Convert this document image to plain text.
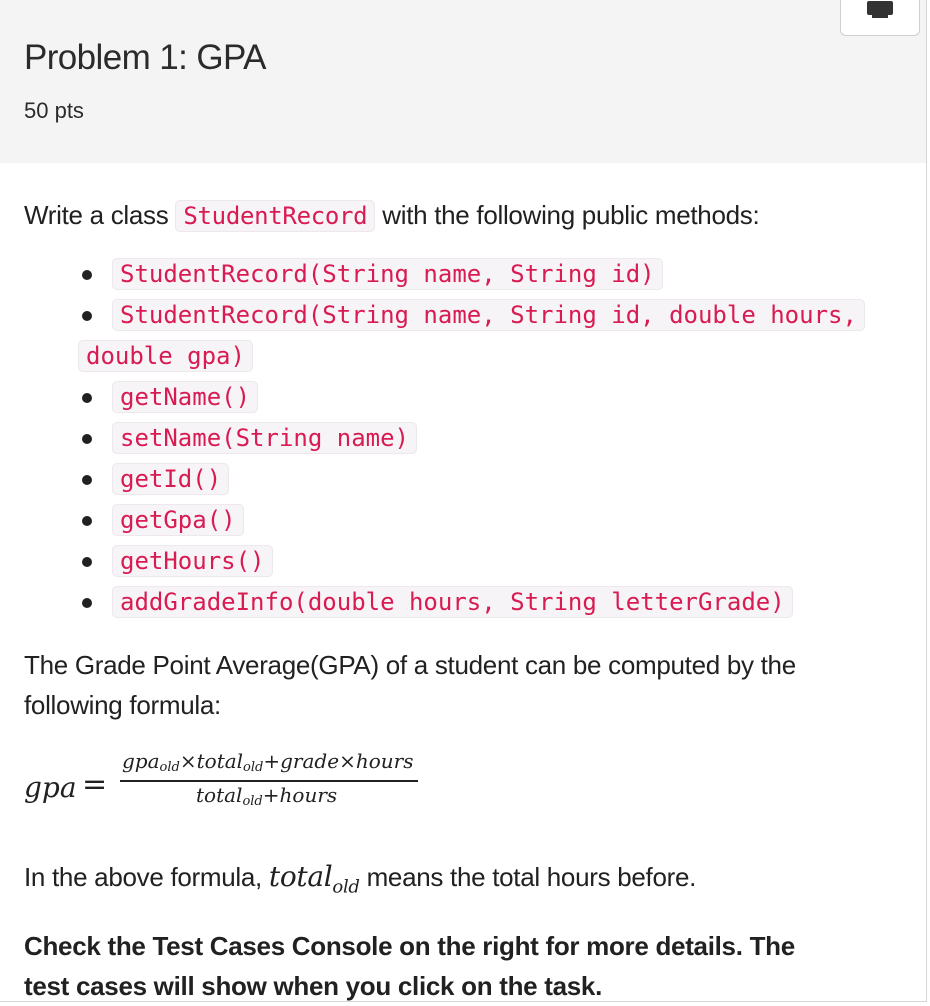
Problem 1: GPA
50 pts

Write a class StudentRecord with the following public methods:

StudentRecord(String name, String id)
StudentRecord(String name, String id, double hours,
double gpa)
getName()
setName(String name)
getId()
getGpa()
getHours()
addGradeInfo(double hours, String letterGrade)

The Grade Point Average(GPA) of a student can be computed by the
following formula:

gpa =
gpa$_{old}$×total$_{old}$+grade×hours
total$_{old}$+hours

In the above formula, total$_{old}$ means the total hours before.

Check the Test Cases Console on the right for more details. The
test cases will show when you click on the task.
